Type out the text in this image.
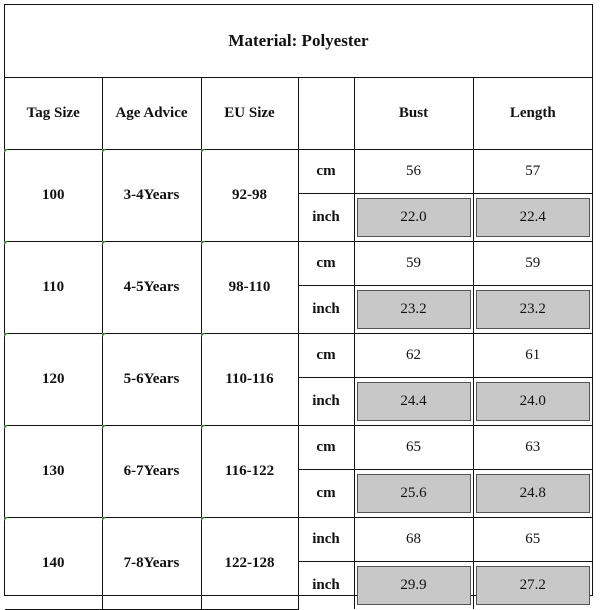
Material: Polyester
Tag Size	Age Advice	EU Size		Bust	Length

100	3-4Years	92-98	cm	56	57
			inch	22.0	22.4

110	4-5Years	98-110	cm	59	59
			inch	23.2	23.2

120	5-6Years	110-116	cm	62	61
			inch	24.4	24.0

130	6-7Years	116-122	cm	65	63
			cm	25.6	24.8

140	7-8Years	122-128	inch	68	65
			inch	29.9	27.2
